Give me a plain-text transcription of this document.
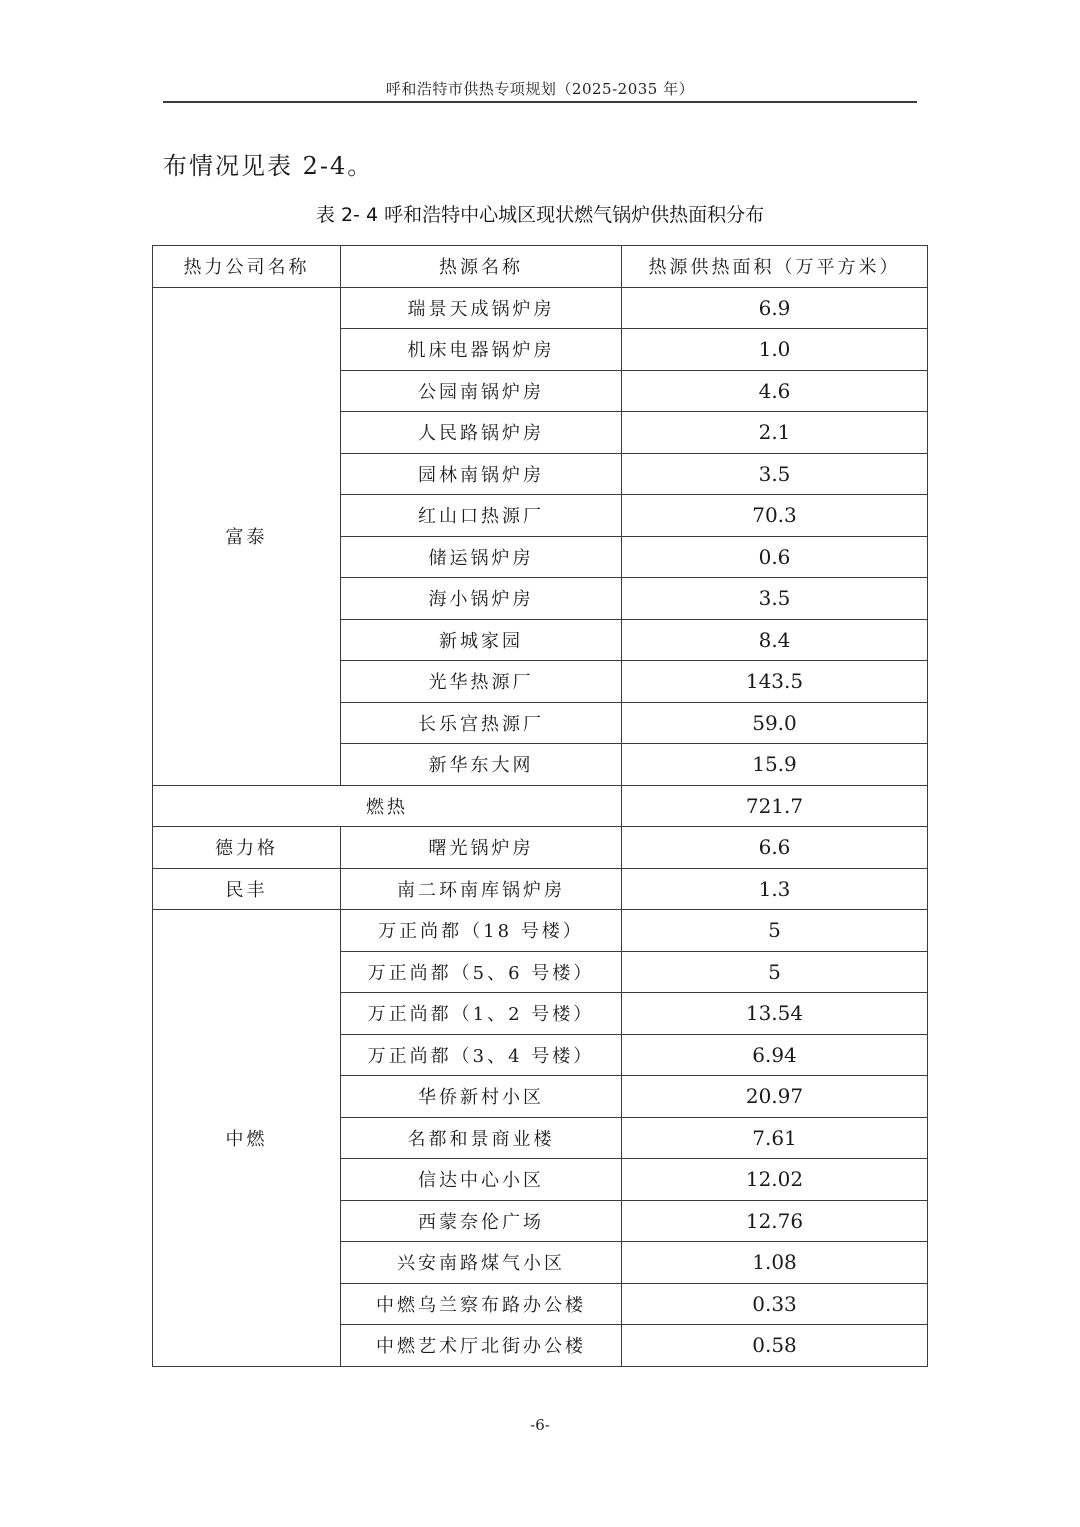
呼和浩特市供热专项规划（2025-2035 年）
布情况见表 2-4。
表 2- 4 呼和浩特中心城区现状燃气锅炉供热面积分布
热力公司名称	热源名称	热源供热面积（万平方米）
富泰	瑞景天成锅炉房	6.9
	机床电器锅炉房	1.0
	公园南锅炉房	4.6
	人民路锅炉房	2.1
	园林南锅炉房	3.5
	红山口热源厂	70.3
	储运锅炉房	0.6
	海小锅炉房	3.5
	新城家园	8.4
	光华热源厂	143.5
	长乐宫热源厂	59.0
	新华东大网	15.9
燃热		721.7
德力格	曙光锅炉房	6.6
民丰	南二环南库锅炉房	1.3
中燃	万正尚都（18 号楼）	5
	万正尚都（5、6 号楼）	5
	万正尚都（1、2 号楼）	13.54
	万正尚都（3、4 号楼）	6.94
	华侨新村小区	20.97
	名都和景商业楼	7.61
	信达中心小区	12.02
	西蒙奈伦广场	12.76
	兴安南路煤气小区	1.08
	中燃乌兰察布路办公楼	0.33
	中燃艺术厅北街办公楼	0.58
-6-
